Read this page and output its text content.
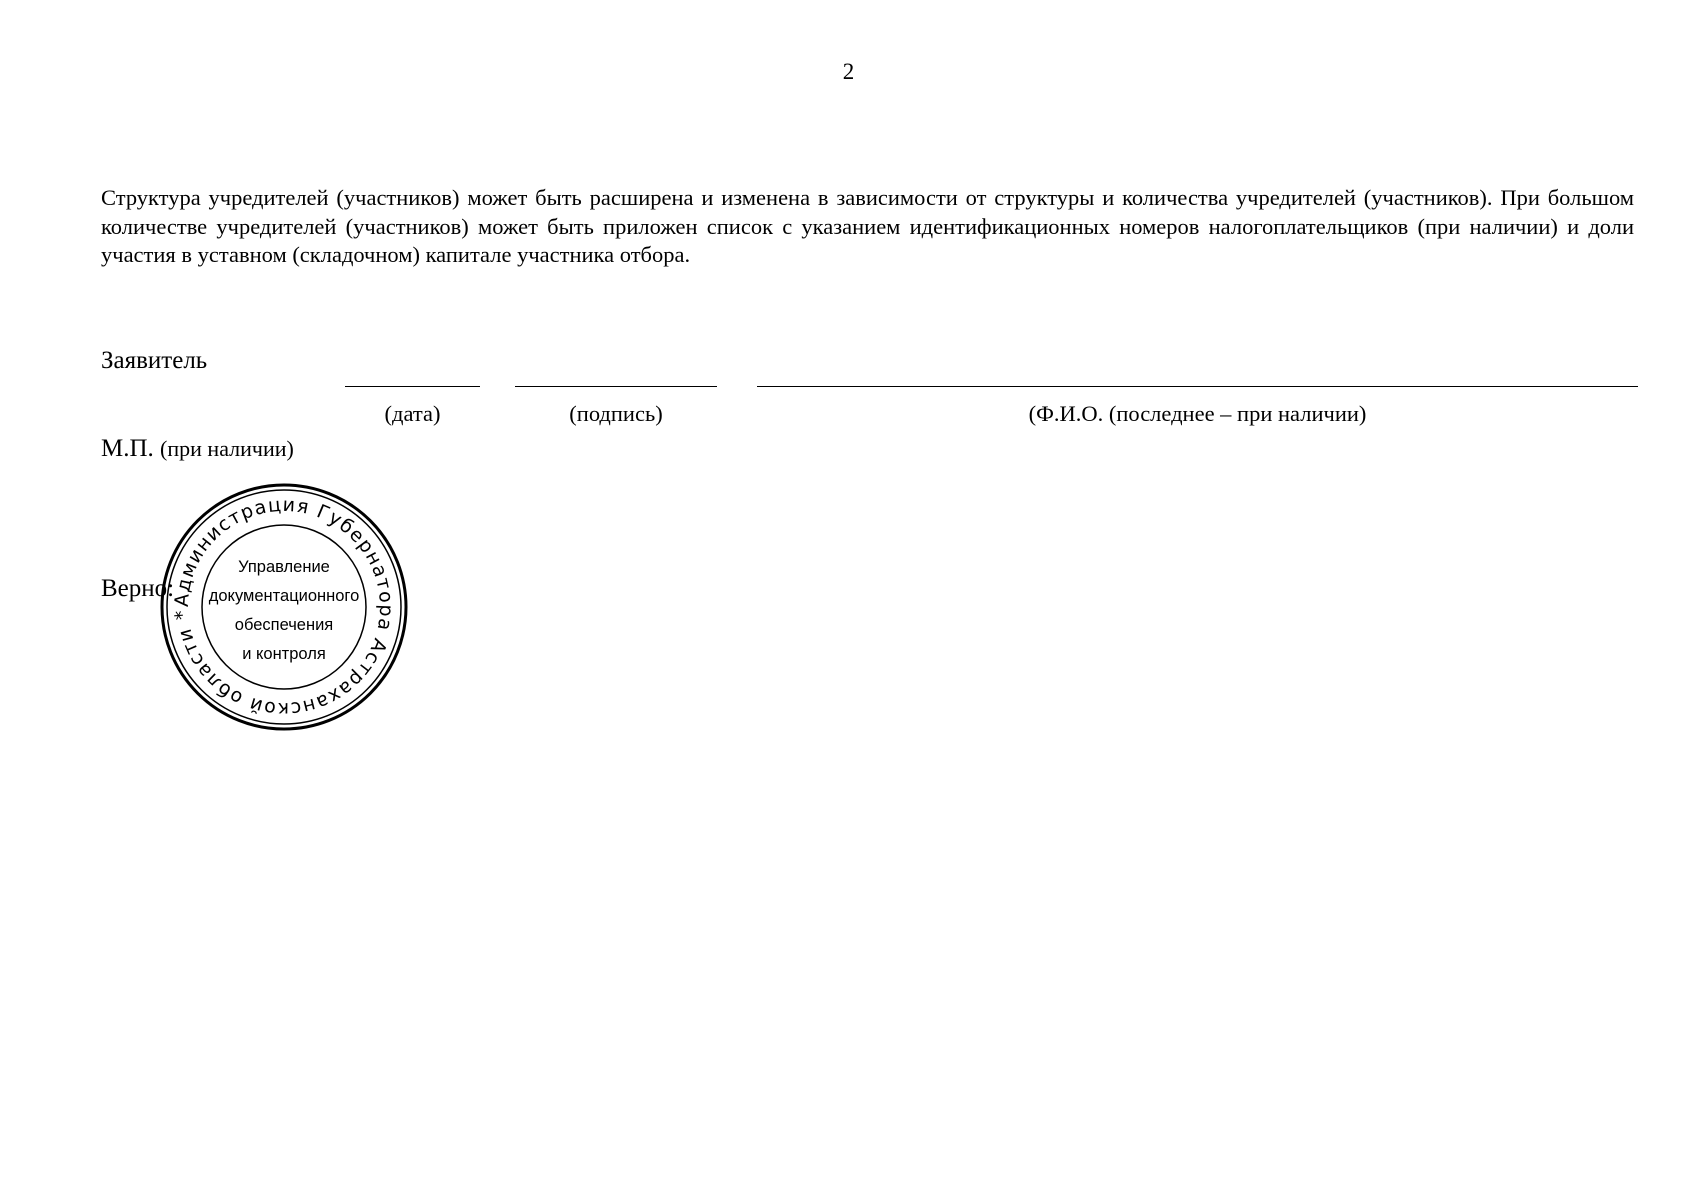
2

Структура учредителей (участников) может быть расширена и изменена в зависимости от структуры и количества учредителей (участников). При большом количестве учредителей (участников) может быть приложен список с указанием идентификационных номеров налогоплательщиков (при наличии) и доли участия в уставном (складочном) капитале участника отбора.

Заявитель
(дата)	(подпись)	(Ф.И.О. (последнее – при наличии)
М.П. (при наличии)
Верно:
Администрация Губернатора Астраханской области *
Управление
документационного
обеспечения
и контроля
